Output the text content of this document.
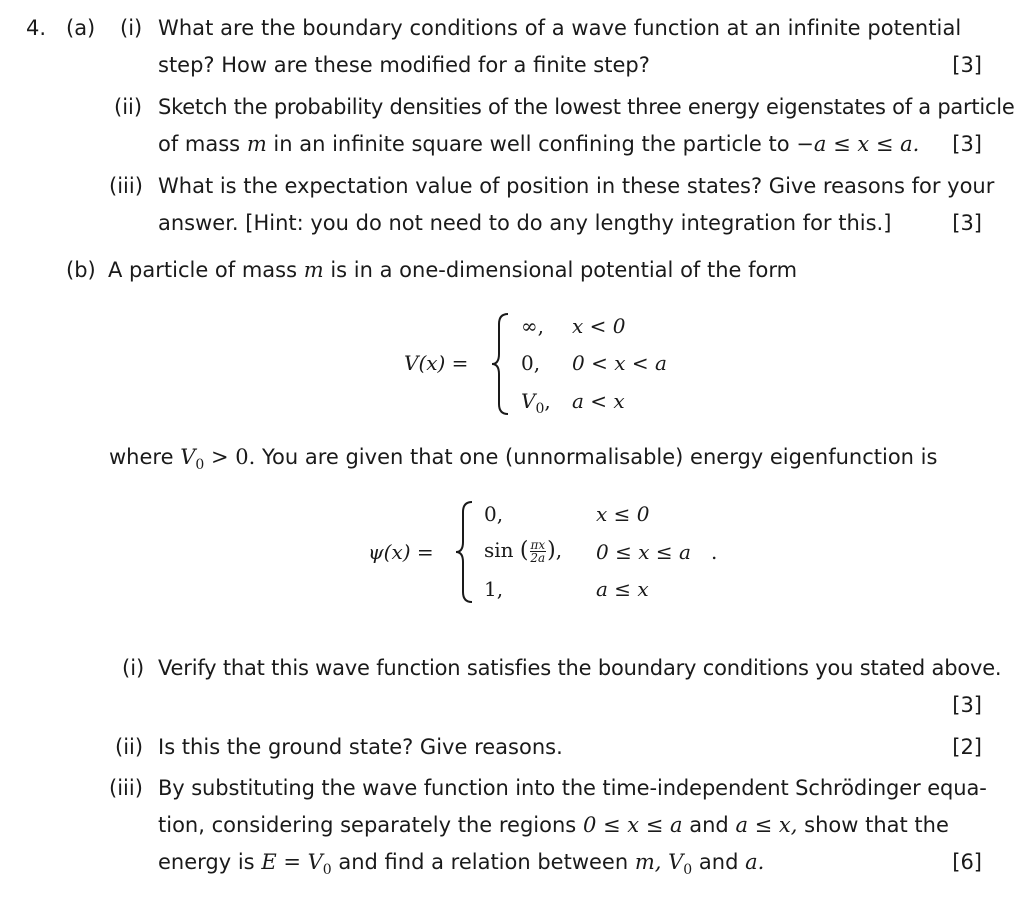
4. (a) (i) What are the boundary conditions of a wave function at an infinite potential
step? How are these modified for a finite step?	[3]
(ii) Sketch the probability densities of the lowest three energy eigenstates of a particle
of mass m in an infinite square well confining the particle to −a ≤ x ≤ a. [3]
(iii) What is the expectation value of position in these states? Give reasons for your
answer. [Hint: you do not need to do any lengthy integration for this.]	[3]
(b) A particle of mass m is in a one-dimensional potential of the form
V(x) =
∞, x < 0
0, 0 < x < a
$V_0$, a < x
where $V_0 > 0$. You are given that one (unnormalisable) energy eigenfunction is
ψ(x) =
0,	x ≤ 0
sin ( $\frac{\pi x}{2a}$ ), 0 ≤ x ≤ a .
1,	a ≤ x
(i) Verify that this wave function satisfies the boundary conditions you stated above.
[3]
(ii) Is this the ground state? Give reasons.	[2]
(iii) By substituting the wave function into the time-independent Schrödinger equa-
tion, considering separately the regions 0 ≤ x ≤ a and a ≤ x, show that the
energy is $E = V_0$ and find a relation between m, $V_0$ and a.	[6]
